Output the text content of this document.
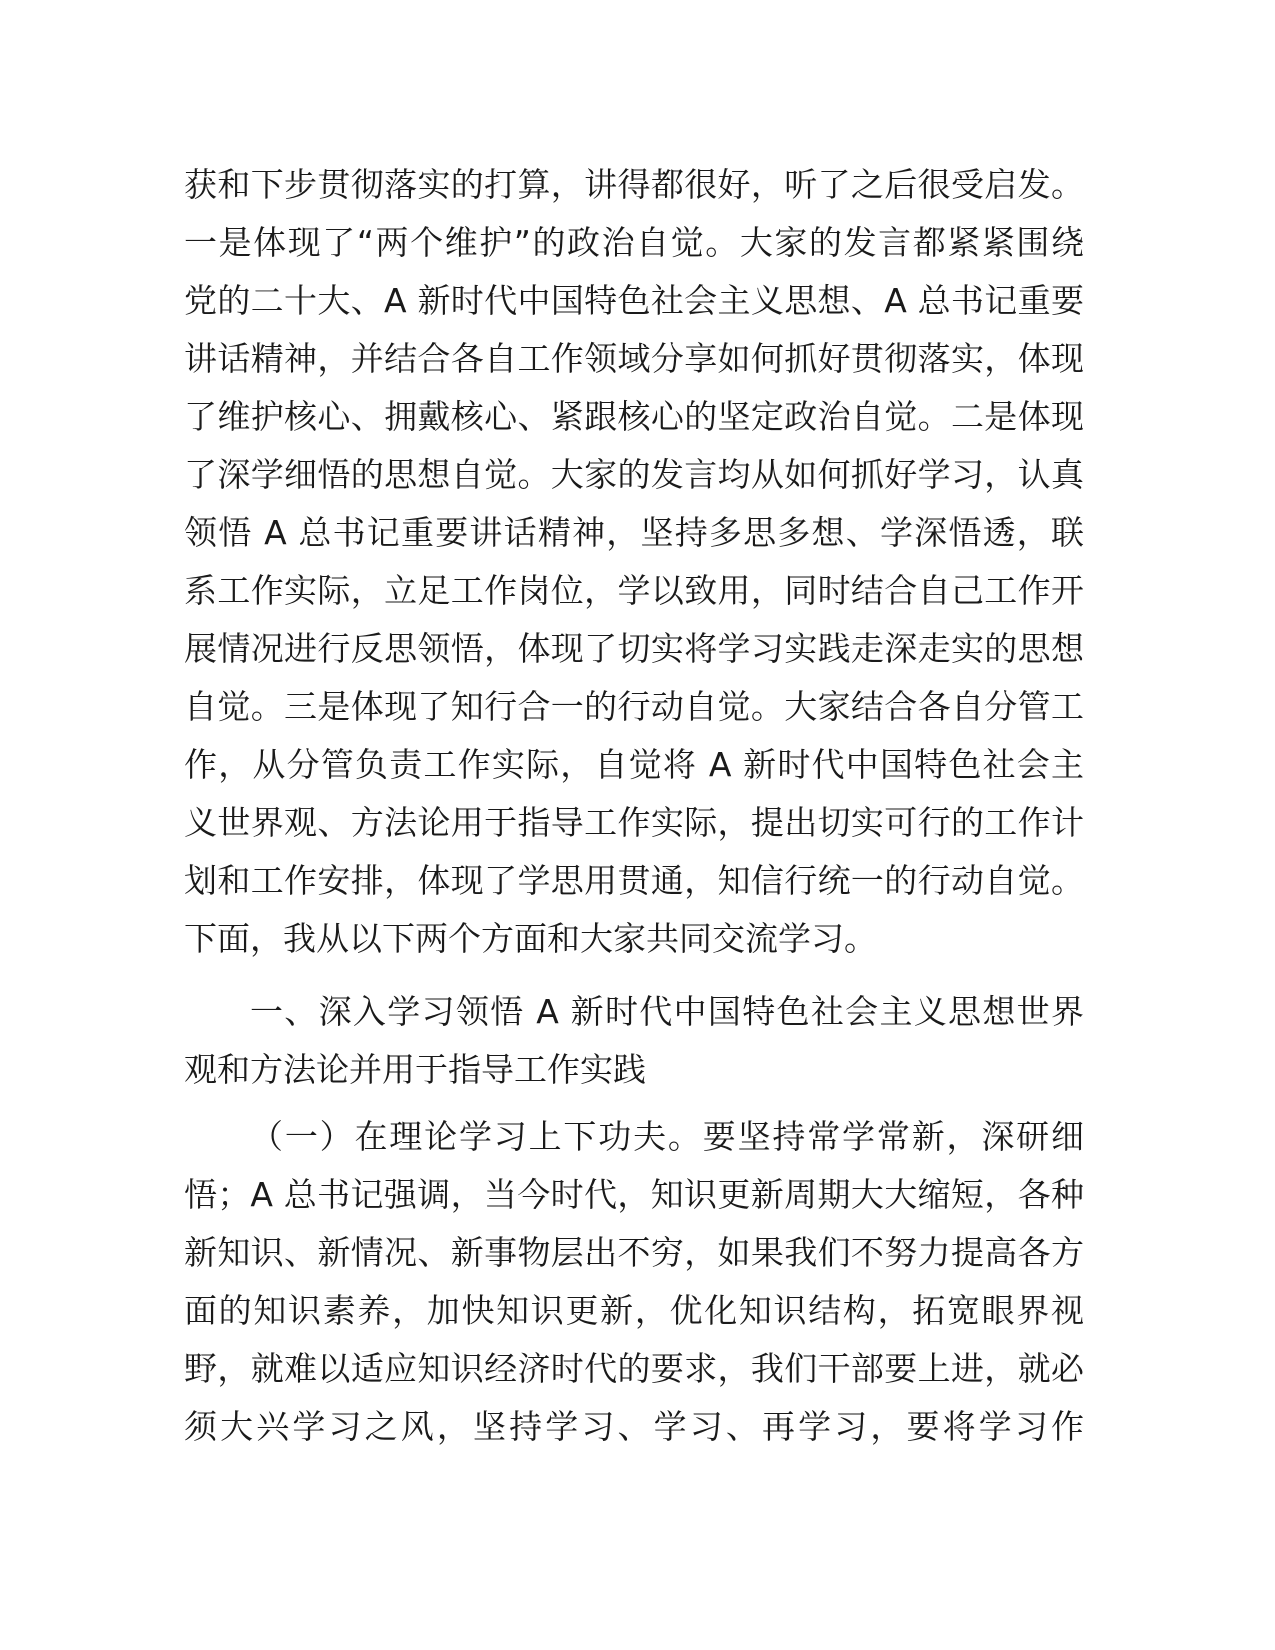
获和下步贯彻落实的打算，讲得都很好，听了之后很受启发。
一是体现了“两个维护”的政治自觉。大家的发言都紧紧围绕
党的二十大、A 新时代中国特色社会主义思想、A 总书记重要
讲话精神，并结合各自工作领域分享如何抓好贯彻落实，体现
了维护核心、拥戴核心、紧跟核心的坚定政治自觉。二是体现
了深学细悟的思想自觉。大家的发言均从如何抓好学习，认真
领悟 A 总书记重要讲话精神，坚持多思多想、学深悟透，联
系工作实际，立足工作岗位，学以致用，同时结合自己工作开
展情况进行反思领悟，体现了切实将学习实践走深走实的思想
自觉。三是体现了知行合一的行动自觉。大家结合各自分管工
作，从分管负责工作实际，自觉将 A 新时代中国特色社会主
义世界观、方法论用于指导工作实际，提出切实可行的工作计
划和工作安排，体现了学思用贯通，知信行统一的行动自觉。
下面，我从以下两个方面和大家共同交流学习。
一、深入学习领悟 A 新时代中国特色社会主义思想世界
观和方法论并用于指导工作实践
（一）在理论学习上下功夫。要坚持常学常新，深研细
悟；A 总书记强调，当今时代，知识更新周期大大缩短，各种
新知识、新情况、新事物层出不穷，如果我们不努力提高各方
面的知识素养，加快知识更新，优化知识结构，拓宽眼界视
野，就难以适应知识经济时代的要求，我们干部要上进，就必
须大兴学习之风，坚持学习、学习、再学习，要将学习作
